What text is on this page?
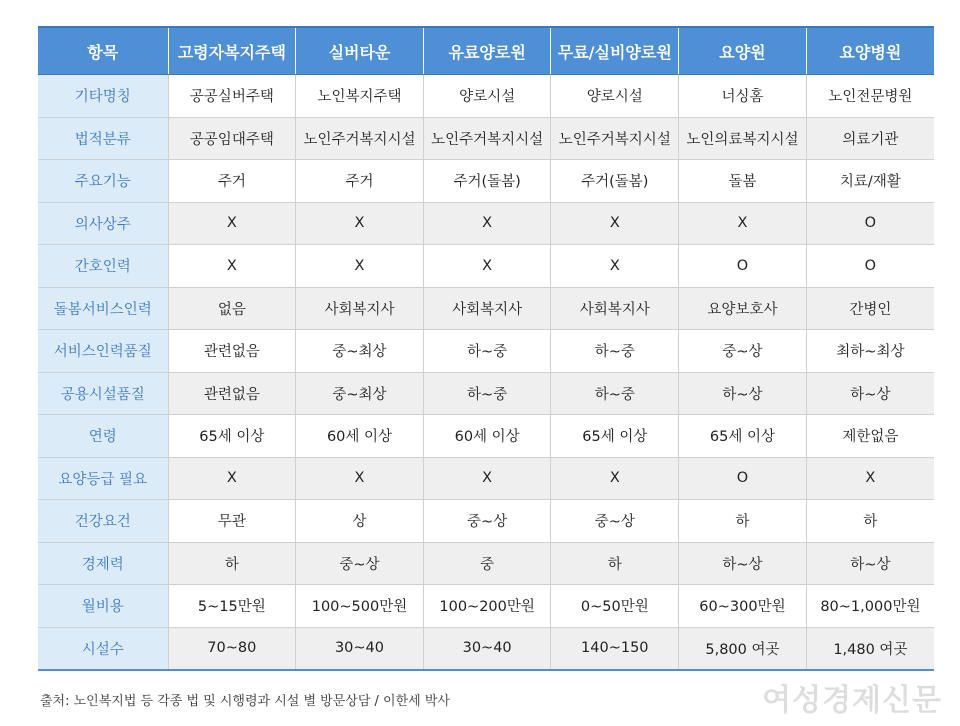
항목	고령자복지주택	실버타운	유료양로원	무료/실비양로원	요양원	요양병원
기타명칭	공공실버주택	노인복지주택	양로시설	양로시설	너싱홈	노인전문병원
법적분류	공공임대주택	노인주거복지시설	노인주거복지시설	노인주거복지시설	노인의료복지시설	의료기관
주요기능	주거	주거	주거(돌봄)	주거(돌봄)	돌봄	치료/재활
의사상주	X	X	X	X	X	O
간호인력	X	X	X	X	O	O
돌봄서비스인력	없음	사회복지사	사회복지사	사회복지사	요양보호사	간병인
서비스인력품질	관련없음	중~최상	하~중	하~중	중~상	최하~최상
공용시설품질	관련없음	중~최상	하~중	하~중	하~상	하~상
연령	65세 이상	60세 이상	60세 이상	65세 이상	65세 이상	제한없음
요양등급 필요	X	X	X	X	O	X
건강요건	무관	상	중~상	중~상	하	하
경제력	하	중~상	중	하	하~상	하~상
월비용	5~15만원	100~500만원	100~200만원	0~50만원	60~300만원	80~1,000만원
시설수	70~80	30~40	30~40	140~150	5,800 여곳	1,480 여곳
출처: 노인복지법 등 각종 법 및 시행령과 시설 별 방문상담 / 이한세 박사	여성경제신문
